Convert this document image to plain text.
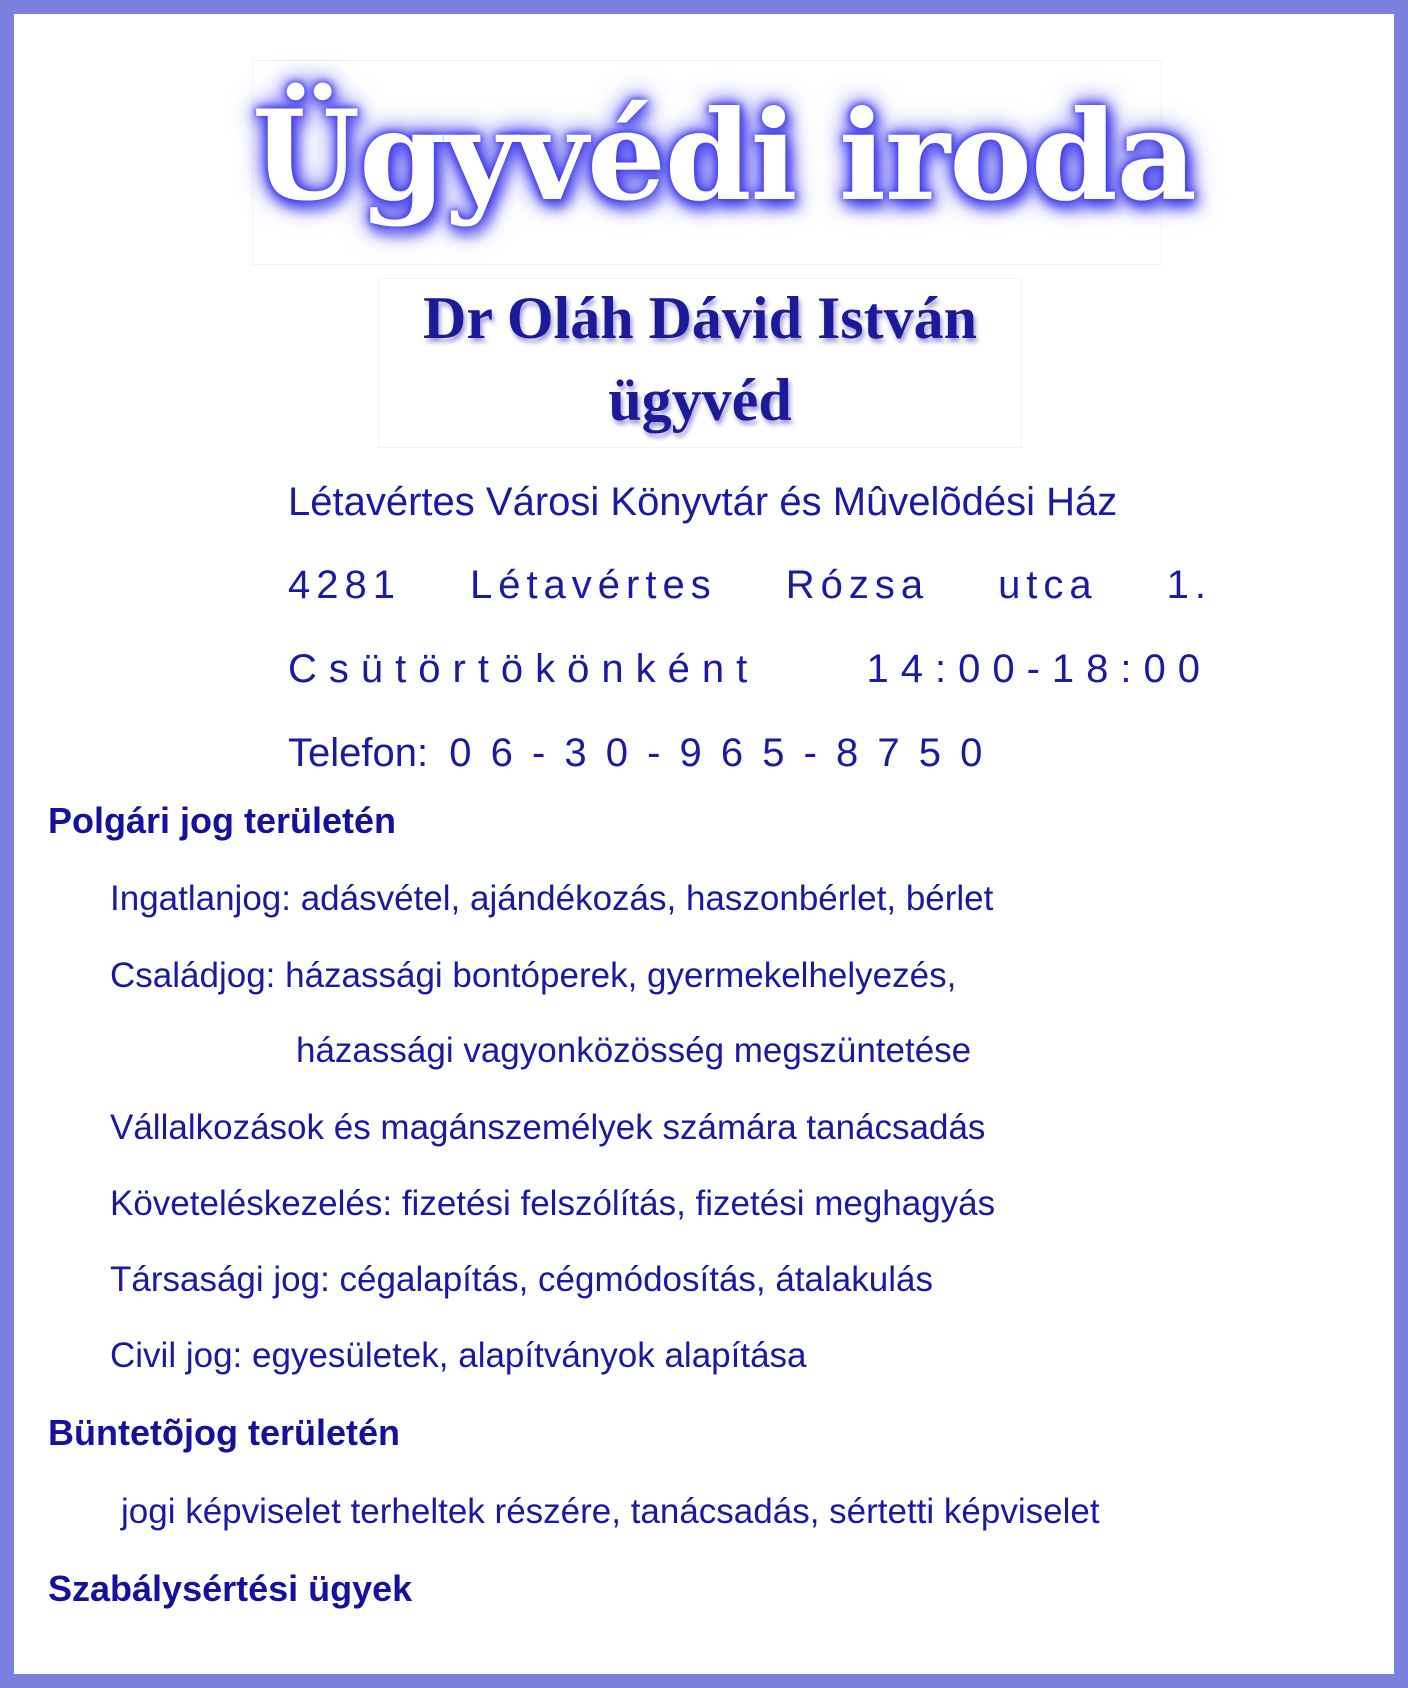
Ügyvédi iroda
Dr Oláh Dávid István
ügyvéd
Létavértes Városi Könyvtár és Mûvelõdési Ház
4281 Létavértes Rózsa utca 1.
Csütörtökönként	14:00-18:00
Telefon: 0 6 - 3 0 - 9 6 5 - 8 7 5 0
Polgári jog területén
Ingatlanjog: adásvétel, ajándékozás, haszonbérlet, bérlet
Családjog: házassági bontóperek, gyermekelhelyezés,
házassági vagyonközösség megszüntetése
Vállalkozások és magánszemélyek számára tanácsadás
Követeléskezelés: fizetési felszólítás, fizetési meghagyás
Társasági jog: cégalapítás, cégmódosítás, átalakulás
Civil jog: egyesületek, alapítványok alapítása
Büntetõjog területén
jogi képviselet terheltek részére, tanácsadás, sértetti képviselet
Szabálysértési ügyek
